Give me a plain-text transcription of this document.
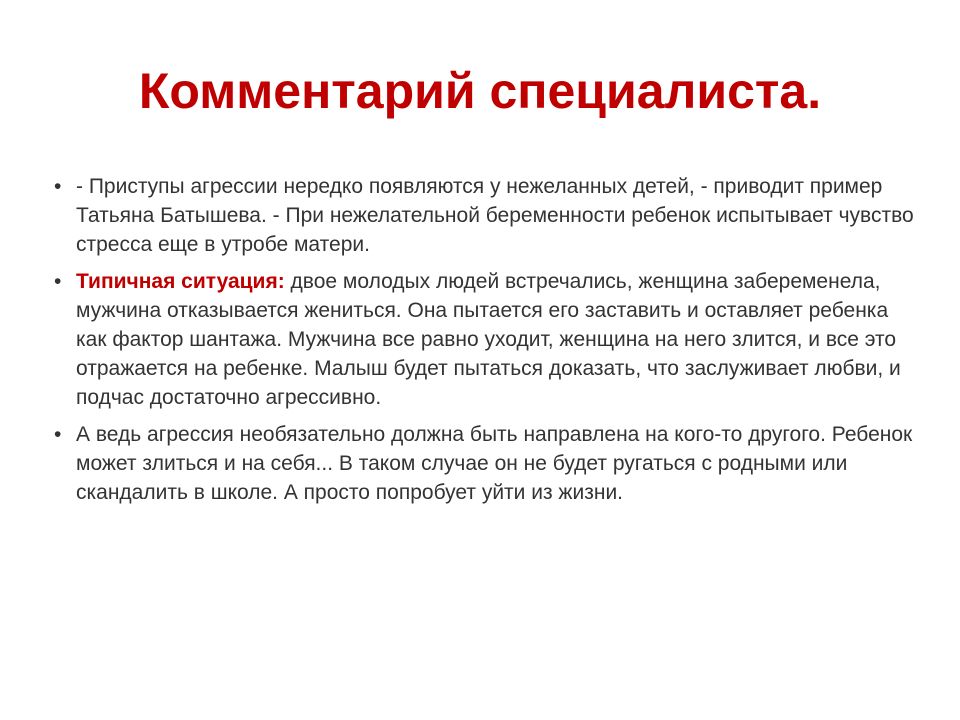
Комментарий специалиста.
• - Приступы агрессии нередко появляются у нежеланных детей, - приводит пример Татьяна Батышева. - При нежелательной беременности ребенок испытывает чувство стресса еще в утробе матери.
• Типичная ситуация: двое молодых людей встречались, женщина забеременела, мужчина отказывается жениться. Она пытается его заставить и оставляет ребенка как фактор шантажа. Мужчина все равно уходит, женщина на него злится, и все это отражается на ребенке. Малыш будет пытаться доказать, что заслуживает любви, и подчас достаточно агрессивно.
• А ведь агрессия необязательно должна быть направлена на кого-то другого. Ребенок может злиться и на себя... В таком случае он не будет ругаться с родными или скандалить в школе. А просто попробует уйти из жизни.
